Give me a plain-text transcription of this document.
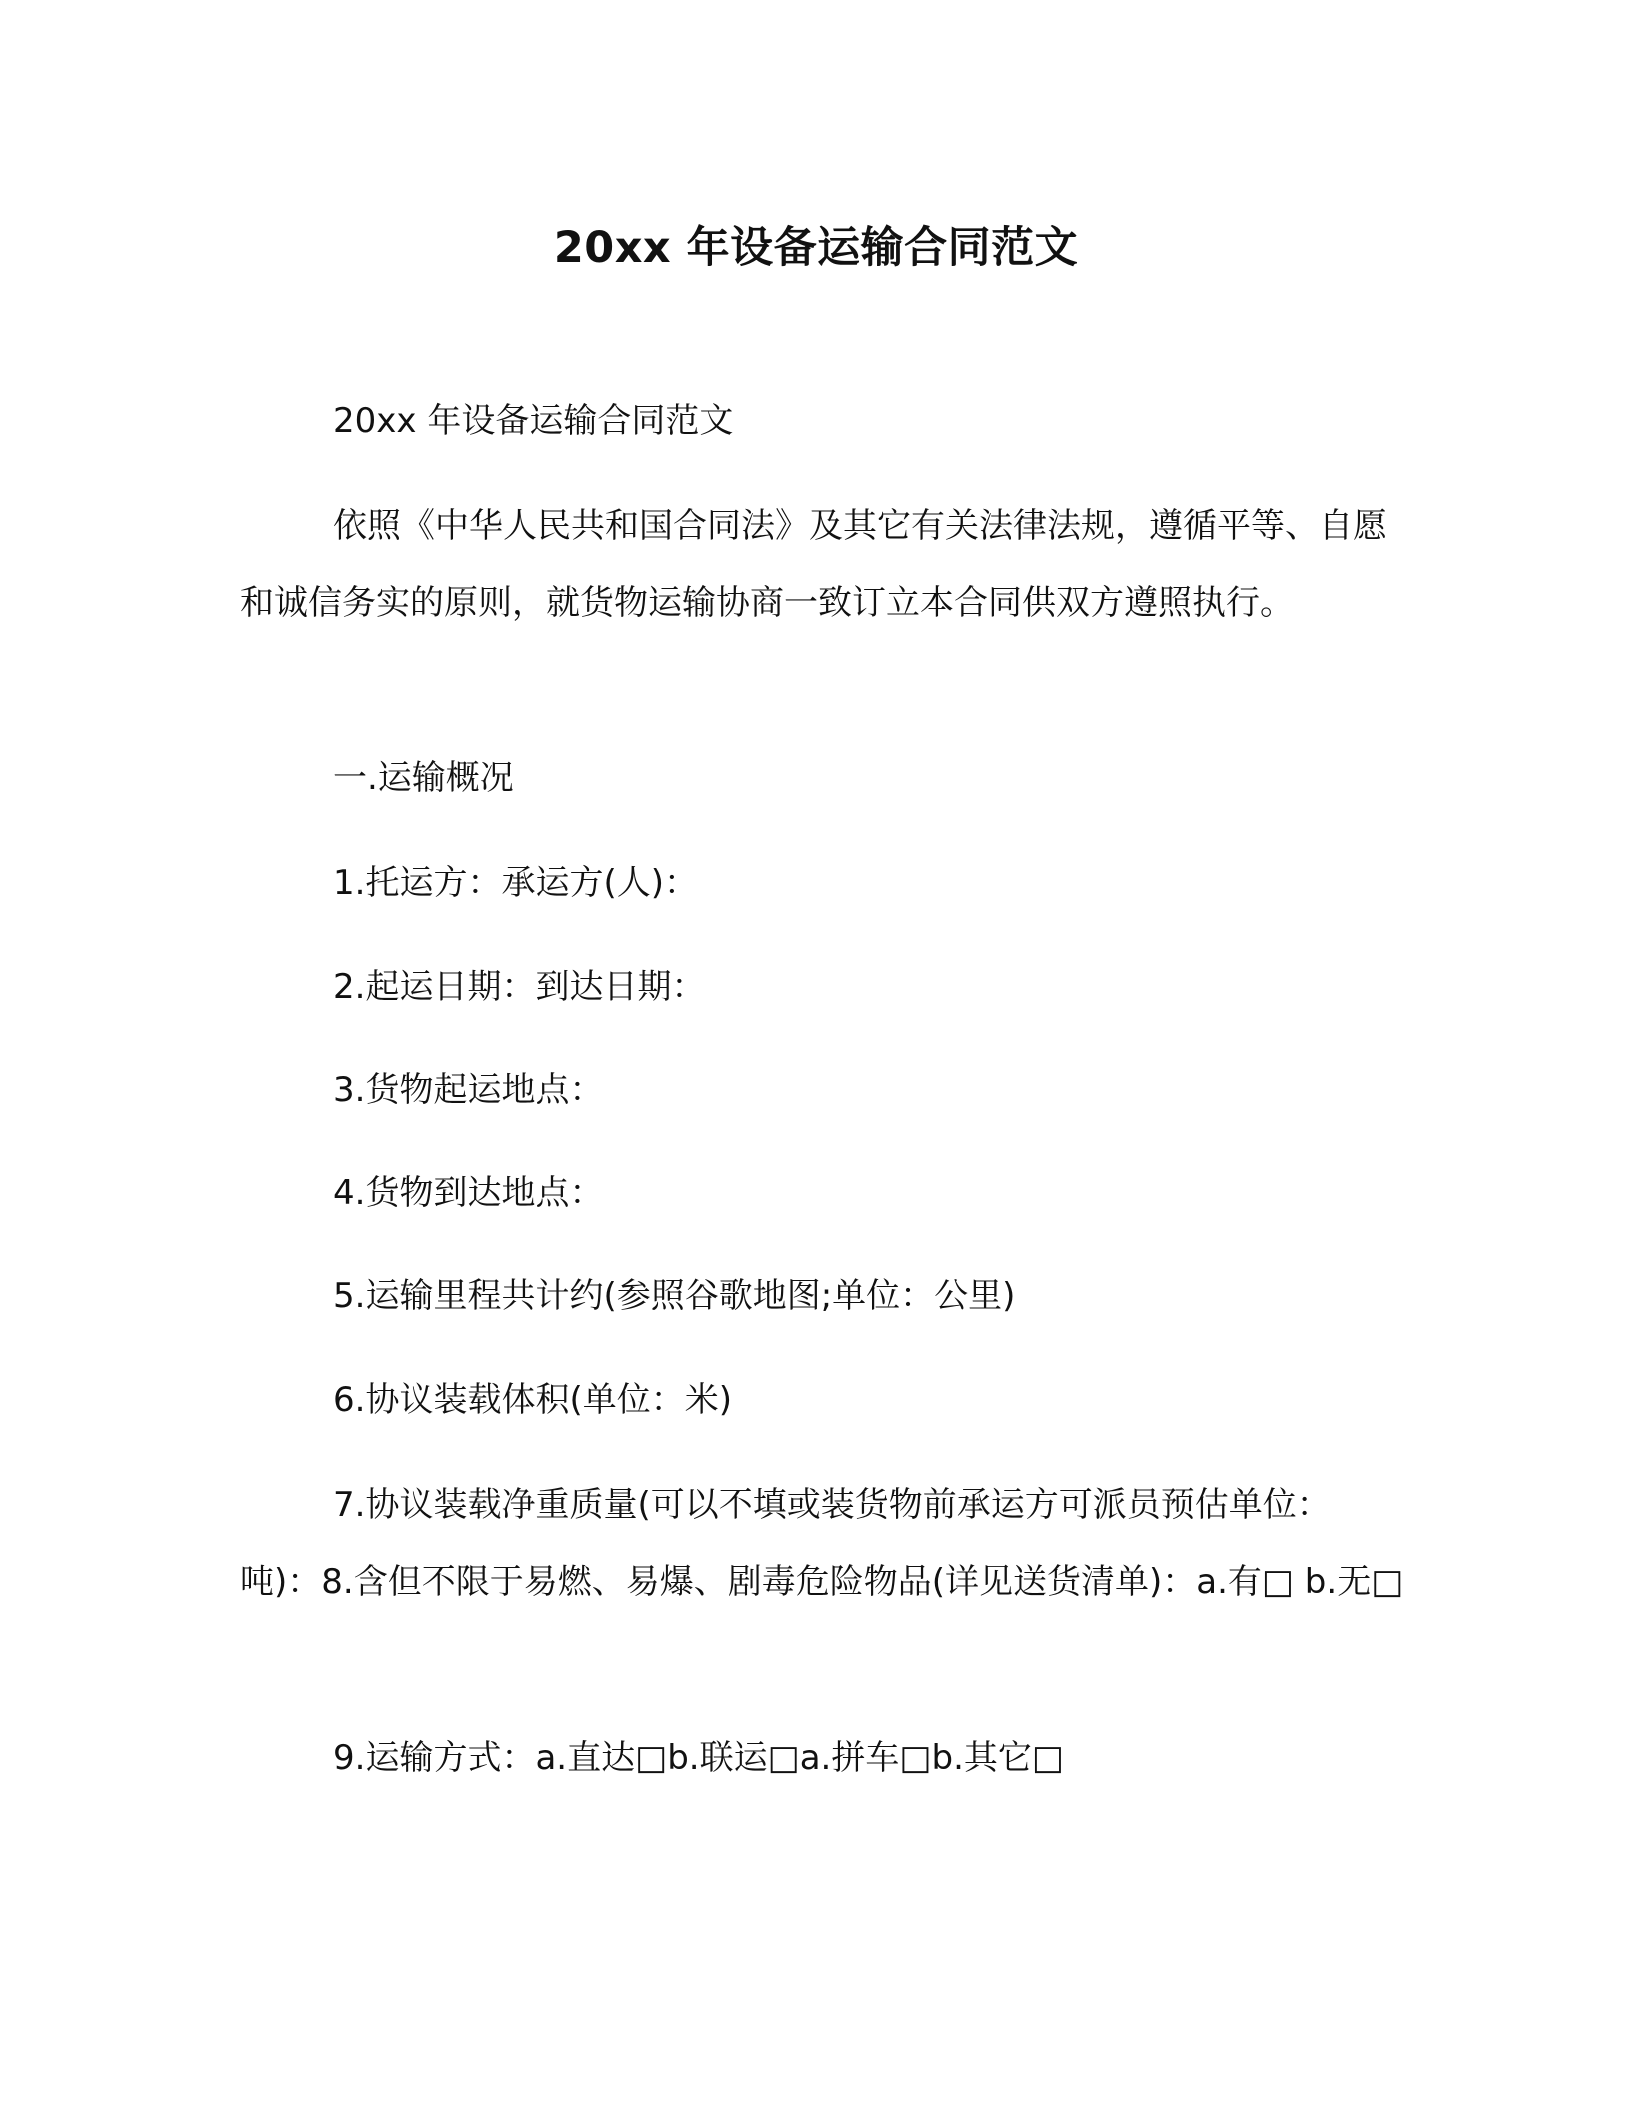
20xx 年设备运输合同范文

20xx 年设备运输合同范文

依照《中华人民共和国合同法》及其它有关法律法规，遵循平等、自愿和诚信务实的原则，就货物运输协商一致订立本合同供双方遵照执行。

一.运输概况

1.托运方：承运方(人)：

2.起运日期：到达日期：

3.货物起运地点：

4.货物到达地点：

5.运输里程共计约(参照谷歌地图;单位：公里)

6.协议装载体积(单位：米)

7.协议装载净重质量(可以不填或装货物前承运方可派员预估单位：吨)：8.含但不限于易燃、易爆、剧毒危险物品(详见送货清单)：a.有□ b.无□

9.运输方式：a.直达□b.联运□a.拼车□b.其它□
